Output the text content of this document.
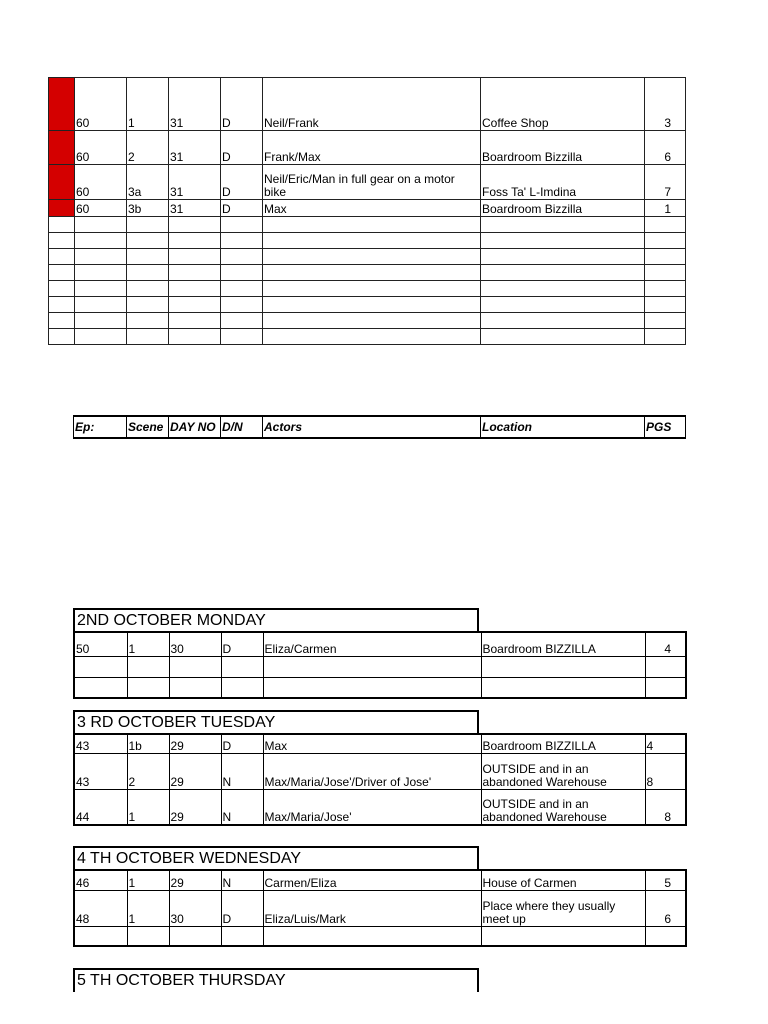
	60	1	31	D	Neil/Frank	Coffee Shop	3
	60	2	31	D	Frank/Max	Boardroom Bizzilla	6
	60	3a	31	D	Neil/Eric/Man in full gear on a motor bike	Foss Ta' L-Imdina	7
	60	3b	31	D	Max	Boardroom Bizzilla	1

Ep:	Scene	DAY NO	D/N	Actors	Location	PGS
2ND OCTOBER MONDAY
50	1	30	D	Eliza/Carmen	Boardroom BIZZILLA	4

3 RD OCTOBER TUESDAY
43	1b	29	D	Max	Boardroom BIZZILLA	4
43	2	29	N	Max/Maria/Jose'/Driver of Jose'	OUTSIDE and in an abandoned Warehouse	8
44	1	29	N	Max/Maria/Jose'	OUTSIDE and in an abandoned Warehouse	8
4 TH OCTOBER WEDNESDAY
46	1	29	N	Carmen/Eliza	House of Carmen	5
48	1	30	D	Eliza/Luis/Mark	Place where they usually meet up	6

5 TH OCTOBER THURSDAY
